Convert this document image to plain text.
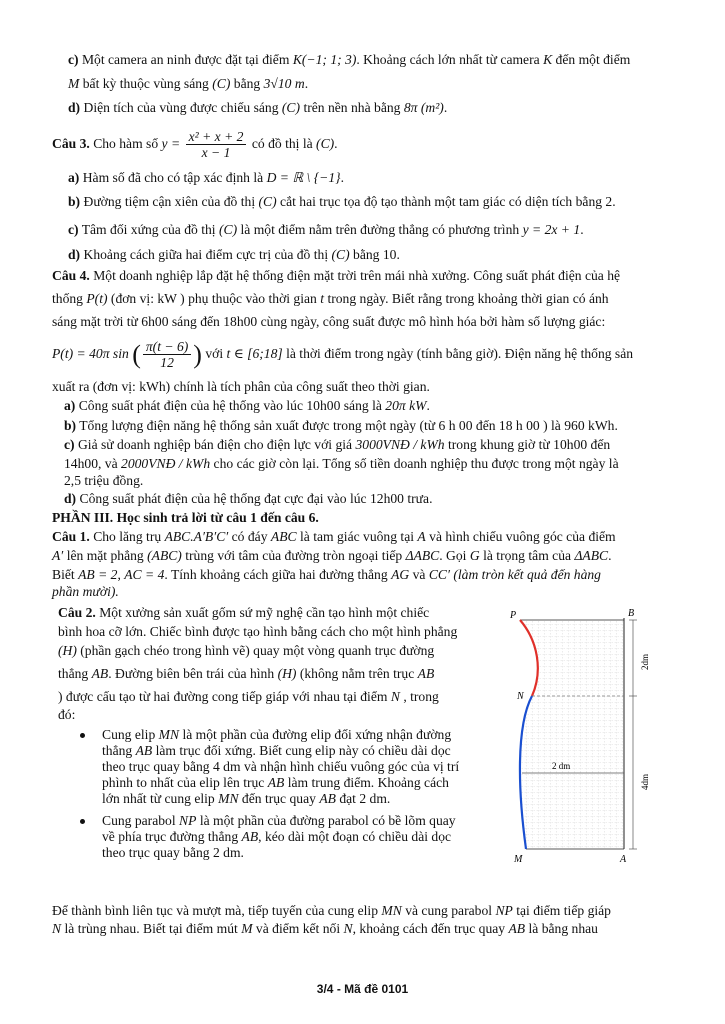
c) Một camera an ninh được đặt tại điểm K(−1; 1; 3). Khoảng cách lớn nhất từ camera K đến một điểm
M bất kỳ thuộc vùng sáng (C) bằng 3√10 m.
d) Diện tích của vùng được chiếu sáng (C) trên nền nhà bằng 8π (m²).
Câu 3. Cho hàm số $y = \frac{\text{x² + x + 2}}{x - 1}$ có đồ thị là (C).
a) Hàm số đã cho có tập xác định là D = ℝ \ {−1}.
b) Đường tiệm cận xiên của đồ thị (C) cắt hai trục tọa độ tạo thành một tam giác có diện tích bằng 2.
c) Tâm đối xứng của đồ thị (C) là một điểm nằm trên đường thẳng có phương trình y = 2x + 1.
d) Khoảng cách giữa hai điểm cực trị của đồ thị (C) bằng 10.
Câu 4. Một doanh nghiệp lắp đặt hệ thống điện mặt trời trên mái nhà xưởng. Công suất phát điện của hệ
thống P(t) (đơn vị: kW ) phụ thuộc vào thời gian t trong ngày. Biết rằng trong khoảng thời gian có ánh
sáng mặt trời từ 6h00 sáng đến 18h00 cùng ngày, công suất được mô hình hóa bởi hàm số lượng giác:
P(t) = 40π sin ( $\frac{\pi(t - 6)}{12}$ ) với t ∈ [6;18] là thời điểm trong ngày (tính bằng giờ). Điện năng hệ thống sản
xuất ra (đơn vị: kWh) chính là tích phân của công suất theo thời gian.
a) Công suất phát điện của hệ thống vào lúc 10h00 sáng là 20π kW.
b) Tổng lượng điện năng hệ thống sản xuất được trong một ngày (từ 6 h 00 đến 18 h 00 ) là 960 kWh.
c) Giả sử doanh nghiệp bán điện cho điện lực với giá 3000VNĐ / kWh trong khung giờ từ 10h00 đến
14h00, và 2000VNĐ / kWh cho các giờ còn lại. Tổng số tiền doanh nghiệp thu được trong một ngày là
2,5 triệu đồng.
d) Công suất phát điện của hệ thống đạt cực đại vào lúc 12h00 trưa.
PHẦN III. Học sinh trả lời từ câu 1 đến câu 6.
Câu 1. Cho lăng trụ ABC.A′B′C′ có đáy ABC là tam giác vuông tại A và hình chiếu vuông góc của điểm
A′ lên mặt phẳng (ABC) trùng với tâm của đường tròn ngoại tiếp ΔABC. Gọi G là trọng tâm của ΔABC.
Biết AB = 2, AC = 4. Tính khoảng cách giữa hai đường thẳng AG và CC′ (làm tròn kết quả đến hàng
phần mười).
Câu 2. Một xưởng sản xuất gốm sứ mỹ nghệ cần tạo hình một chiếc
bình hoa cỡ lớn. Chiếc bình được tạo hình bằng cách cho một hình phẳng
(H) (phần gạch chéo trong hình vẽ) quay một vòng quanh trục đường
thẳng AB. Đường biên bên trái của hình (H) (không nằm trên trục AB
) được cấu tạo từ hai đường cong tiếp giáp với nhau tại điểm N , trong
đó:
Cung elip MN là một phần của đường elip đối xứng nhận đường thẳng AB làm trục đối xứng. Biết cung elip này có chiều dài dọc theo trục quay bằng 4 dm và nhận hình chiếu vuông góc của vị trí phình to nhất của elip lên trục AB làm trung điểm. Khoảng cách lớn nhất từ cung elip MN đến trục quay AB đạt 2 dm.
Cung parabol NP là một phần của đường parabol có bề lõm quay về phía trục đường thẳng AB, kéo dài một đoạn có chiều dài dọc theo trục quay bằng 2 dm.
P	B
N
M	A
2 dm
2dm
4dm
Để thành bình liên tục và mượt mà, tiếp tuyến của cung elip MN và cung parabol NP tại điểm tiếp giáp
N là trùng nhau. Biết tại điểm mút M và điểm kết nối N, khoảng cách đến trục quay AB là bằng nhau
3/4 - Mã đề 0101
